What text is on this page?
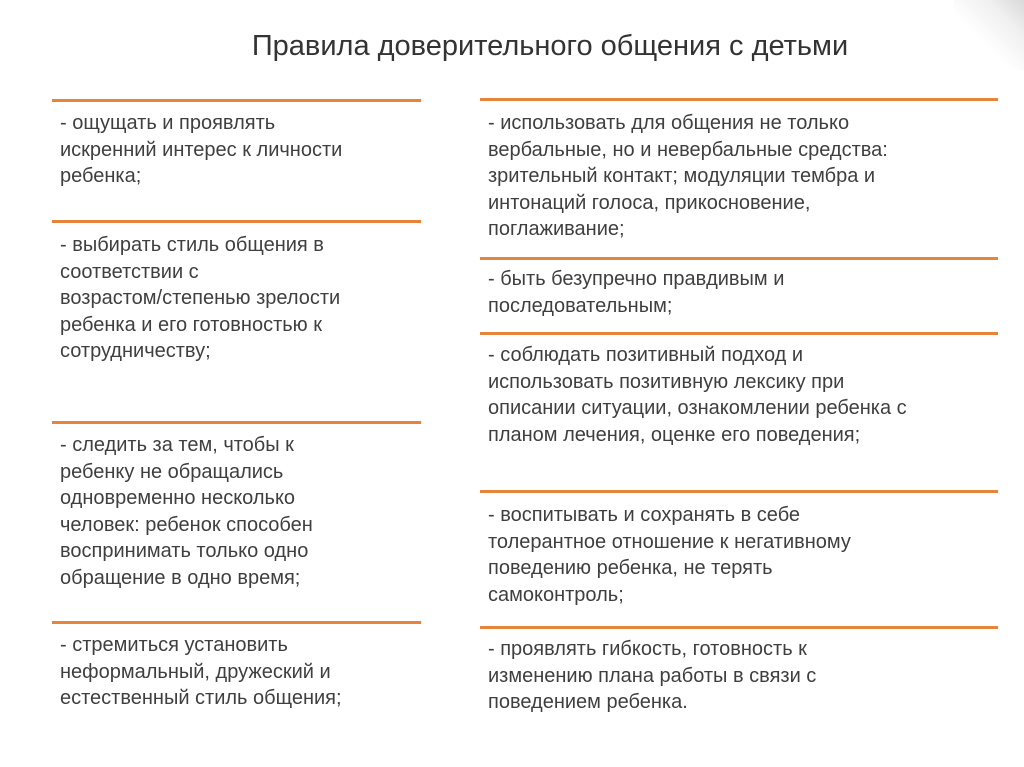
Правила доверительного общения с детьми
- ощущать и проявлять
искренний интерес к личности
ребенка;
- выбирать стиль общения в
соответствии с
возрастом/степенью зрелости
ребенка и его готовностью к
сотрудничеству;
- следить за тем, чтобы к
ребенку не обращались
одновременно несколько
человек: ребенок способен
воспринимать только одно
обращение в одно время;
- стремиться установить
неформальный, дружеский и
естественный стиль общения;
- использовать для общения не только
вербальные, но и невербальные средства:
зрительный контакт; модуляции тембра и
интонаций голоса, прикосновение,
поглаживание;
- быть безупречно правдивым и
последовательным;
- соблюдать позитивный подход и
использовать позитивную лексику при
описании ситуации, ознакомлении ребенка с
планом лечения, оценке его поведения;
- воспитывать и сохранять в себе
толерантное отношение к негативному
поведению ребенка, не терять
самоконтроль;
- проявлять гибкость, готовность к
изменению плана работы в связи с
поведением ребенка.
